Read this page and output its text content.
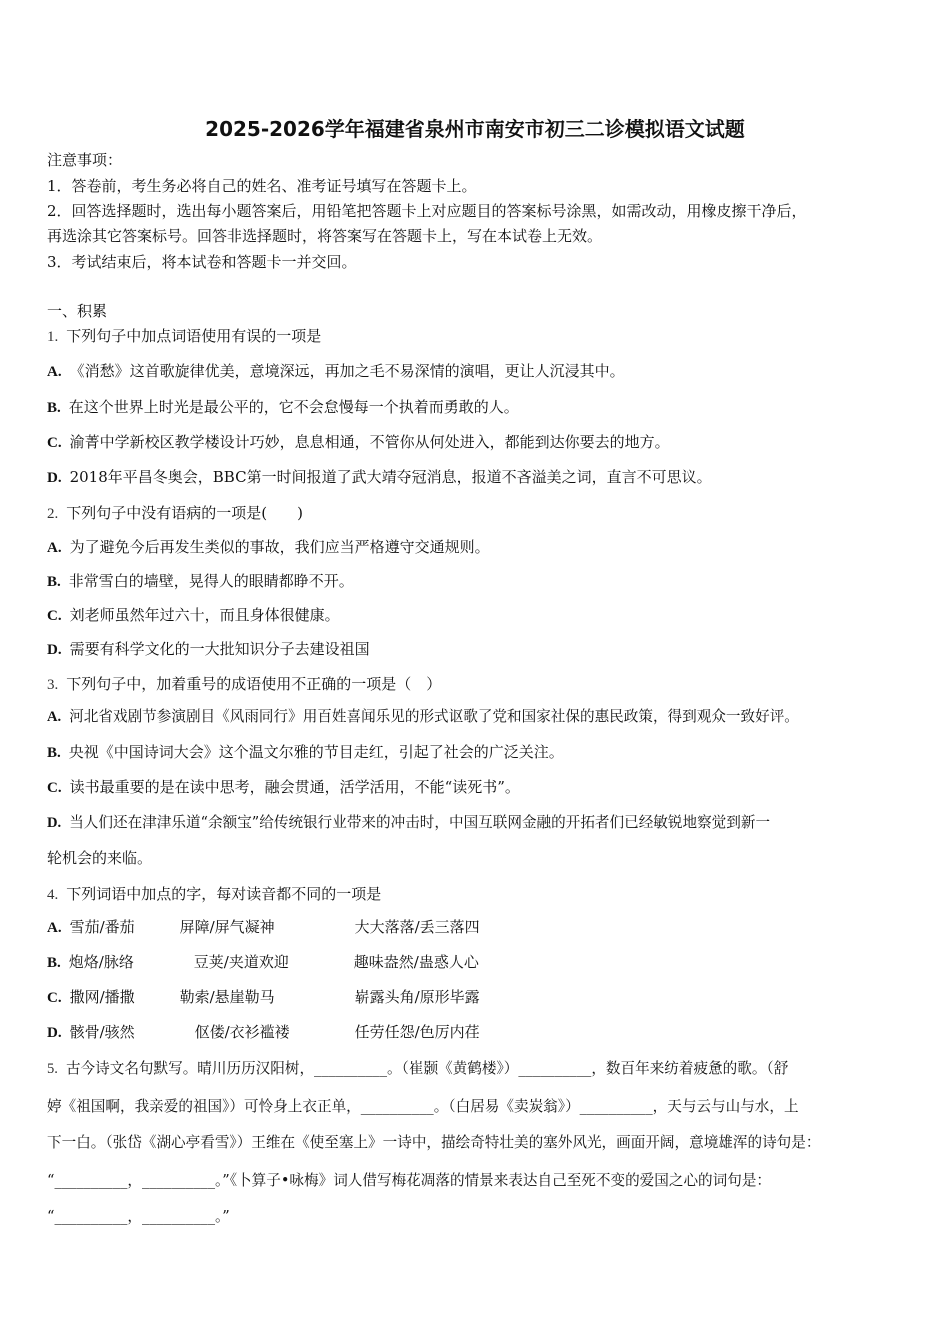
2025-2026学年福建省泉州市南安市初三二诊模拟语文试题
注意事项：
1．答卷前，考生务必将自己的姓名、准考证号填写在答题卡上。
2．回答选择题时，选出每小题答案后，用铅笔把答题卡上对应题目的答案标号涂黑，如需改动，用橡皮擦干净后，
再选涂其它答案标号。回答非选择题时，将答案写在答题卡上，写在本试卷上无效。
3．考试结束后，将本试卷和答题卡一并交回。
一、积累
1. 下列句子中加点词语使用有误的一项是
A. 《消愁》这首歌旋律优美，意境深远，再加之毛不易深情的演唱，更让人沉浸其中。
B. 在这个世界上时光是最公平的，它不会怠慢每一个执着而勇敢的人。
C. 渝菁中学新校区教学楼设计巧妙，息息相通，不管你从何处进入，都能到达你要去的地方。
D. 2018年平昌冬奥会，BBC第一时间报道了武大靖夺冠消息，报道不吝溢美之词，直言不可思议。
2. 下列句子中没有语病的一项是(　　)
A. 为了避免今后再发生类似的事故，我们应当严格遵守交通规则。
B. 非常雪白的墙壁，晃得人的眼睛都睁不开。
C. 刘老师虽然年过六十，而且身体很健康。
D. 需要有科学文化的一大批知识分子去建设祖国
3. 下列句子中，加着重号的成语使用不正确的一项是（　）
A. 河北省戏剧节参演剧目《风雨同行》用百姓喜闻乐见的形式讴歌了党和国家社保的惠民政策，得到观众一致好评。
B. 央视《中国诗词大会》这个温文尔雅的节目走红，引起了社会的广泛关注。
C. 读书最重要的是在读中思考，融会贯通，活学活用，不能“读死书”。
D. 当人们还在津津乐道“余额宝”给传统银行业带来的冲击时，中国互联网金融的开拓者们已经敏锐地察觉到新一
轮机会的来临。
4. 下列词语中加点的字，每对读音都不同的一项是
A. 雪茄/番茄	屏障/屏气凝神	大大落落/丢三落四
B. 炮烙/脉络	豆荚/夹道欢迎	趣味盎然/蛊惑人心
C. 撒网/播撒	勒索/悬崖勒马	崭露头角/原形毕露
D. 骸骨/骇然	伛偻/衣衫褴褛	任劳任怨/色厉内荏
5. 古今诗文名句默写。晴川历历汉阳树，__________。（崔颢《黄鹤楼》）__________，数百年来纺着疲惫的歌。（舒
婷《祖国啊，我亲爱的祖国》）可怜身上衣正单，__________。（白居易《卖炭翁》）__________，天与云与山与水，上
下一白。（张岱《湖心亭看雪》）王维在《使至塞上》一诗中，描绘奇特壮美的塞外风光，画面开阔，意境雄浑的诗句是：
“__________，__________。”《卜算子•咏梅》词人借写梅花凋落的情景来表达自己至死不变的爱国之心的词句是：
“__________，__________。”
